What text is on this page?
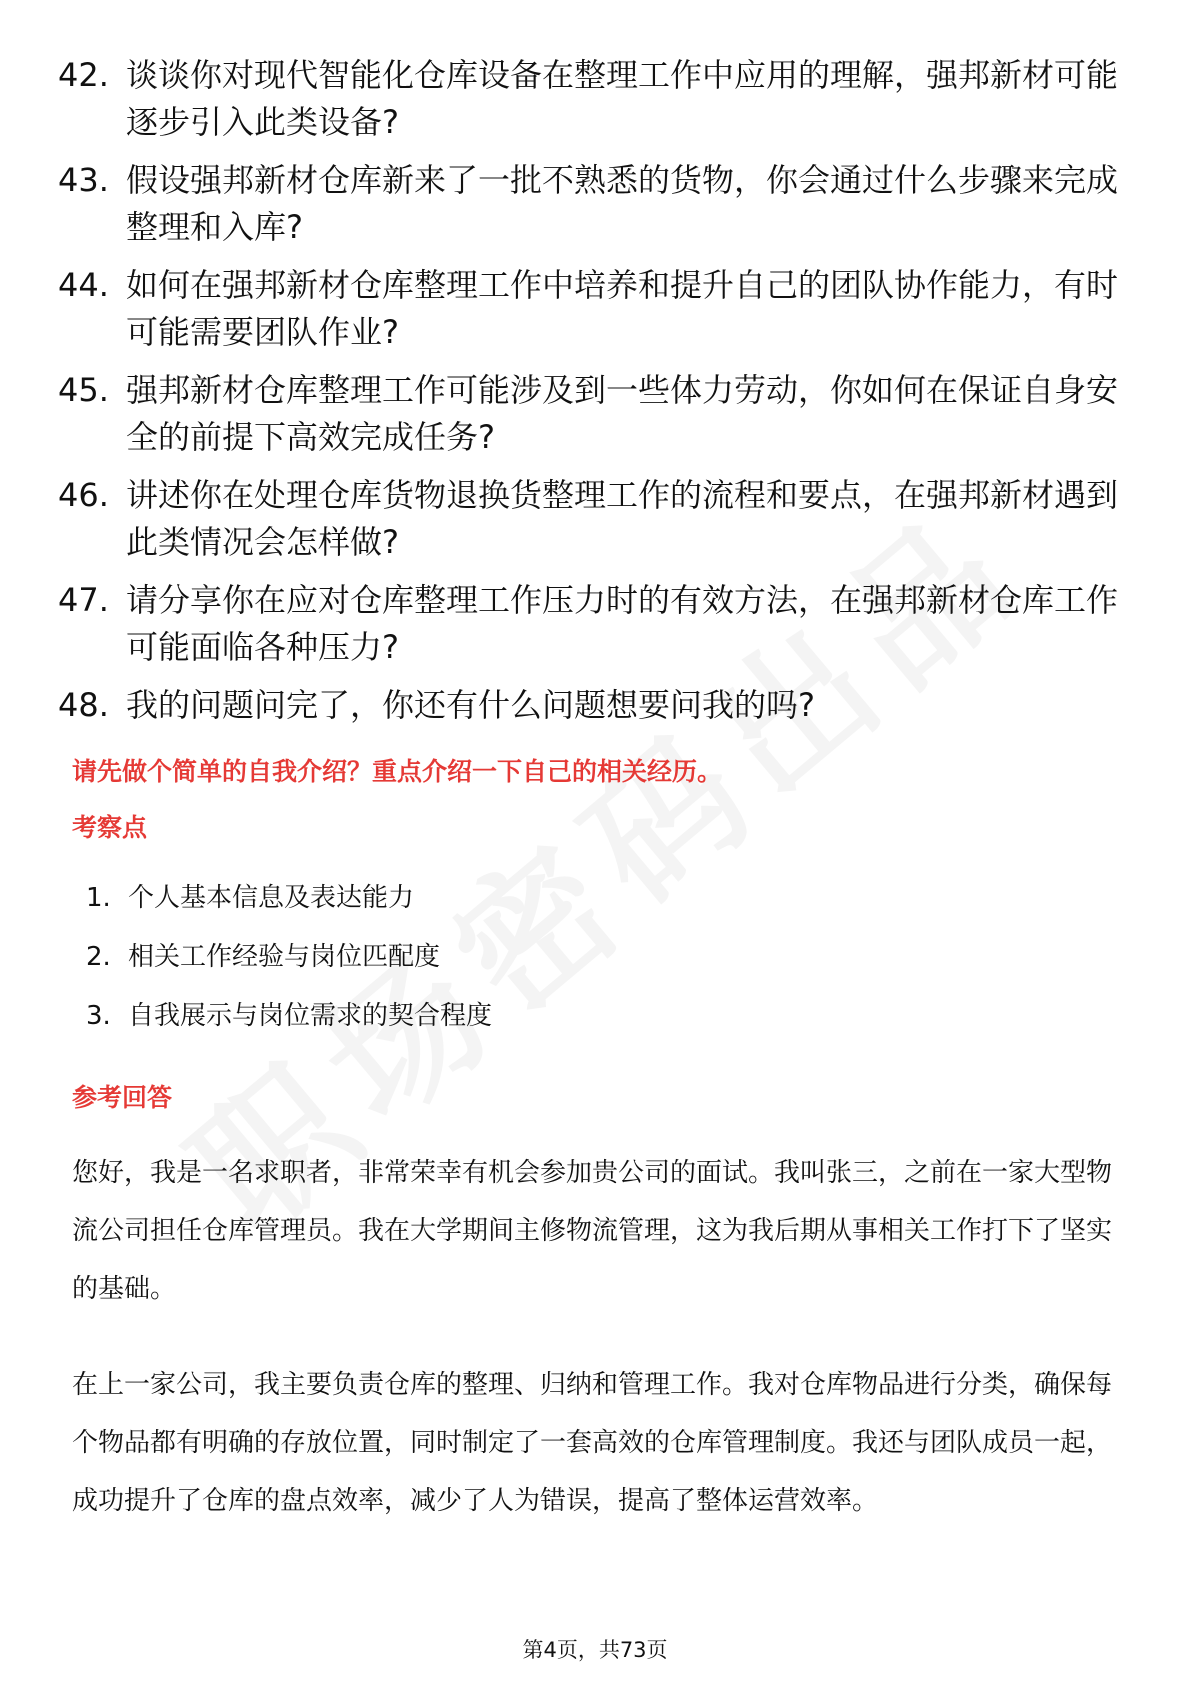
42. 谈谈你对现代智能化仓库设备在整理工作中应用的理解，强邦新材可能逐步引入此类设备?
43. 假设强邦新材仓库新来了一批不熟悉的货物，你会通过什么步骤来完成整理和入库?
44. 如何在强邦新材仓库整理工作中培养和提升自己的团队协作能力，有时可能需要团队作业?
45. 强邦新材仓库整理工作可能涉及到一些体力劳动，你如何在保证自身安全的前提下高效完成任务?
46. 讲述你在处理仓库货物退换货整理工作的流程和要点，在强邦新材遇到此类情况会怎样做?
47. 请分享你在应对仓库整理工作压力时的有效方法，在强邦新材仓库工作可能面临各种压力?
48. 我的问题问完了，你还有什么问题想要问我的吗?
请先做个简单的自我介绍？重点介绍一下自己的相关经历。
考察点
1. 个人基本信息及表达能力
2. 相关工作经验与岗位匹配度
3. 自我展示与岗位需求的契合程度
参考回答
您好，我是一名求职者，非常荣幸有机会参加贵公司的面试。我叫张三，之前在一家大型物流公司担任仓库管理员。我在大学期间主修物流管理，这为我后期从事相关工作打下了坚实的基础。
在上一家公司，我主要负责仓库的整理、归纳和管理工作。我对仓库物品进行分类，确保每个物品都有明确的存放位置，同时制定了一套高效的仓库管理制度。我还与团队成员一起，成功提升了仓库的盘点效率，减少了人为错误，提高了整体运营效率。
第4页，共73页
